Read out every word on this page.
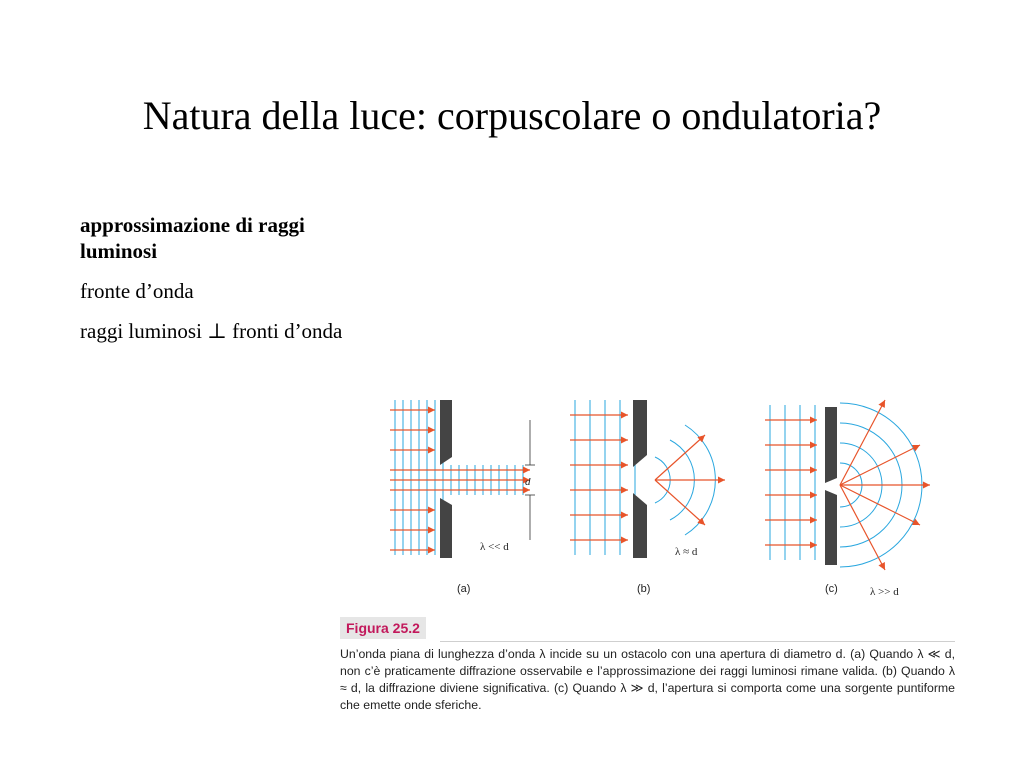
Natura della luce: corpuscolare o ondulatoria?

approssimazione di raggi luminosi

fronte d’onda

raggi luminosi ⊥ fronti d’onda

d
λ << d
(a)
λ ≈ d
(b)	λ >> d
(c)
Figura 25.2

Un’onda piana di lunghezza d’onda λ incide su un ostacolo con una apertura di diametro d. (a) Quando λ ≪ d, non c’è praticamente diffrazione osservabile e l’approssimazione dei raggi luminosi rimane valida. (b) Quando λ ≈ d, la diffrazione diviene significativa. (c) Quando λ ≫ d, l’apertura si comporta come una sorgente puntiforme che emette onde sferiche.
